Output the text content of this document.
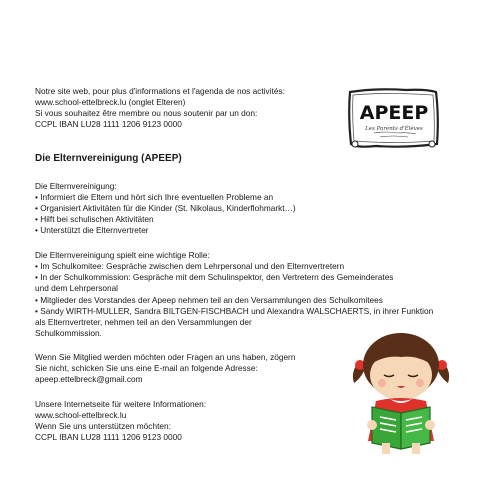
Notre site web, pour plus d'informations et l'agenda de nos activités:
www.school-ettelbreck.lu (onglet Elteren)
Si vous souhaitez être membre ou nous soutenir par un don:
CCPL IBAN LU28 1111 1206 9123 0000	APEEP
Les Parents d'Élèves
Die Elternvereinigung (APEEP)
Die Elternvereinigung:
• Informiert die Eltern und hört sich Ihre eventuellen Probleme an
• Organisiert Aktivitäten für die Kinder (St. Nikolaus, Kinderflohmarkt…)
• Hilft bei schulischen Aktivitäten
• Unterstützt die Elternvertreter
Die Elternvereinigung spielt eine wichtige Rolle:
• Im Schulkomitee: Gespräche zwischen dem Lehrpersonal und den Elternvertretern
• In der Schulkommission: Gespräche mit dem Schulinspektor, den Vertretern des Gemeinderates
und dem Lehrpersonal
• Mitglieder des Vorstandes der Apeep nehmen teil an den Versammlungen des Schulkomitees
• Sandy WIRTH-MULLER, Sandra BILTGEN-FISCHBACH und Alexandra WALSCHAERTS, in ihrer Funktion
als Elternvertreter, nehmen teil an den Versammlungen der
Schulkommission.
Wenn Sie Mitglied werden möchten oder Fragen an uns haben, zögern
Sie nicht, schicken Sie uns eine E-mail an folgende Adresse:
apeep.ettelbreck@gmail.com
Unsere Internetseite für weitere Informationen:
www.school-ettelbreck.lu
Wenn Sie uns unterstützen möchten:
CCPL IBAN LU28 1111 1206 9123 0000
